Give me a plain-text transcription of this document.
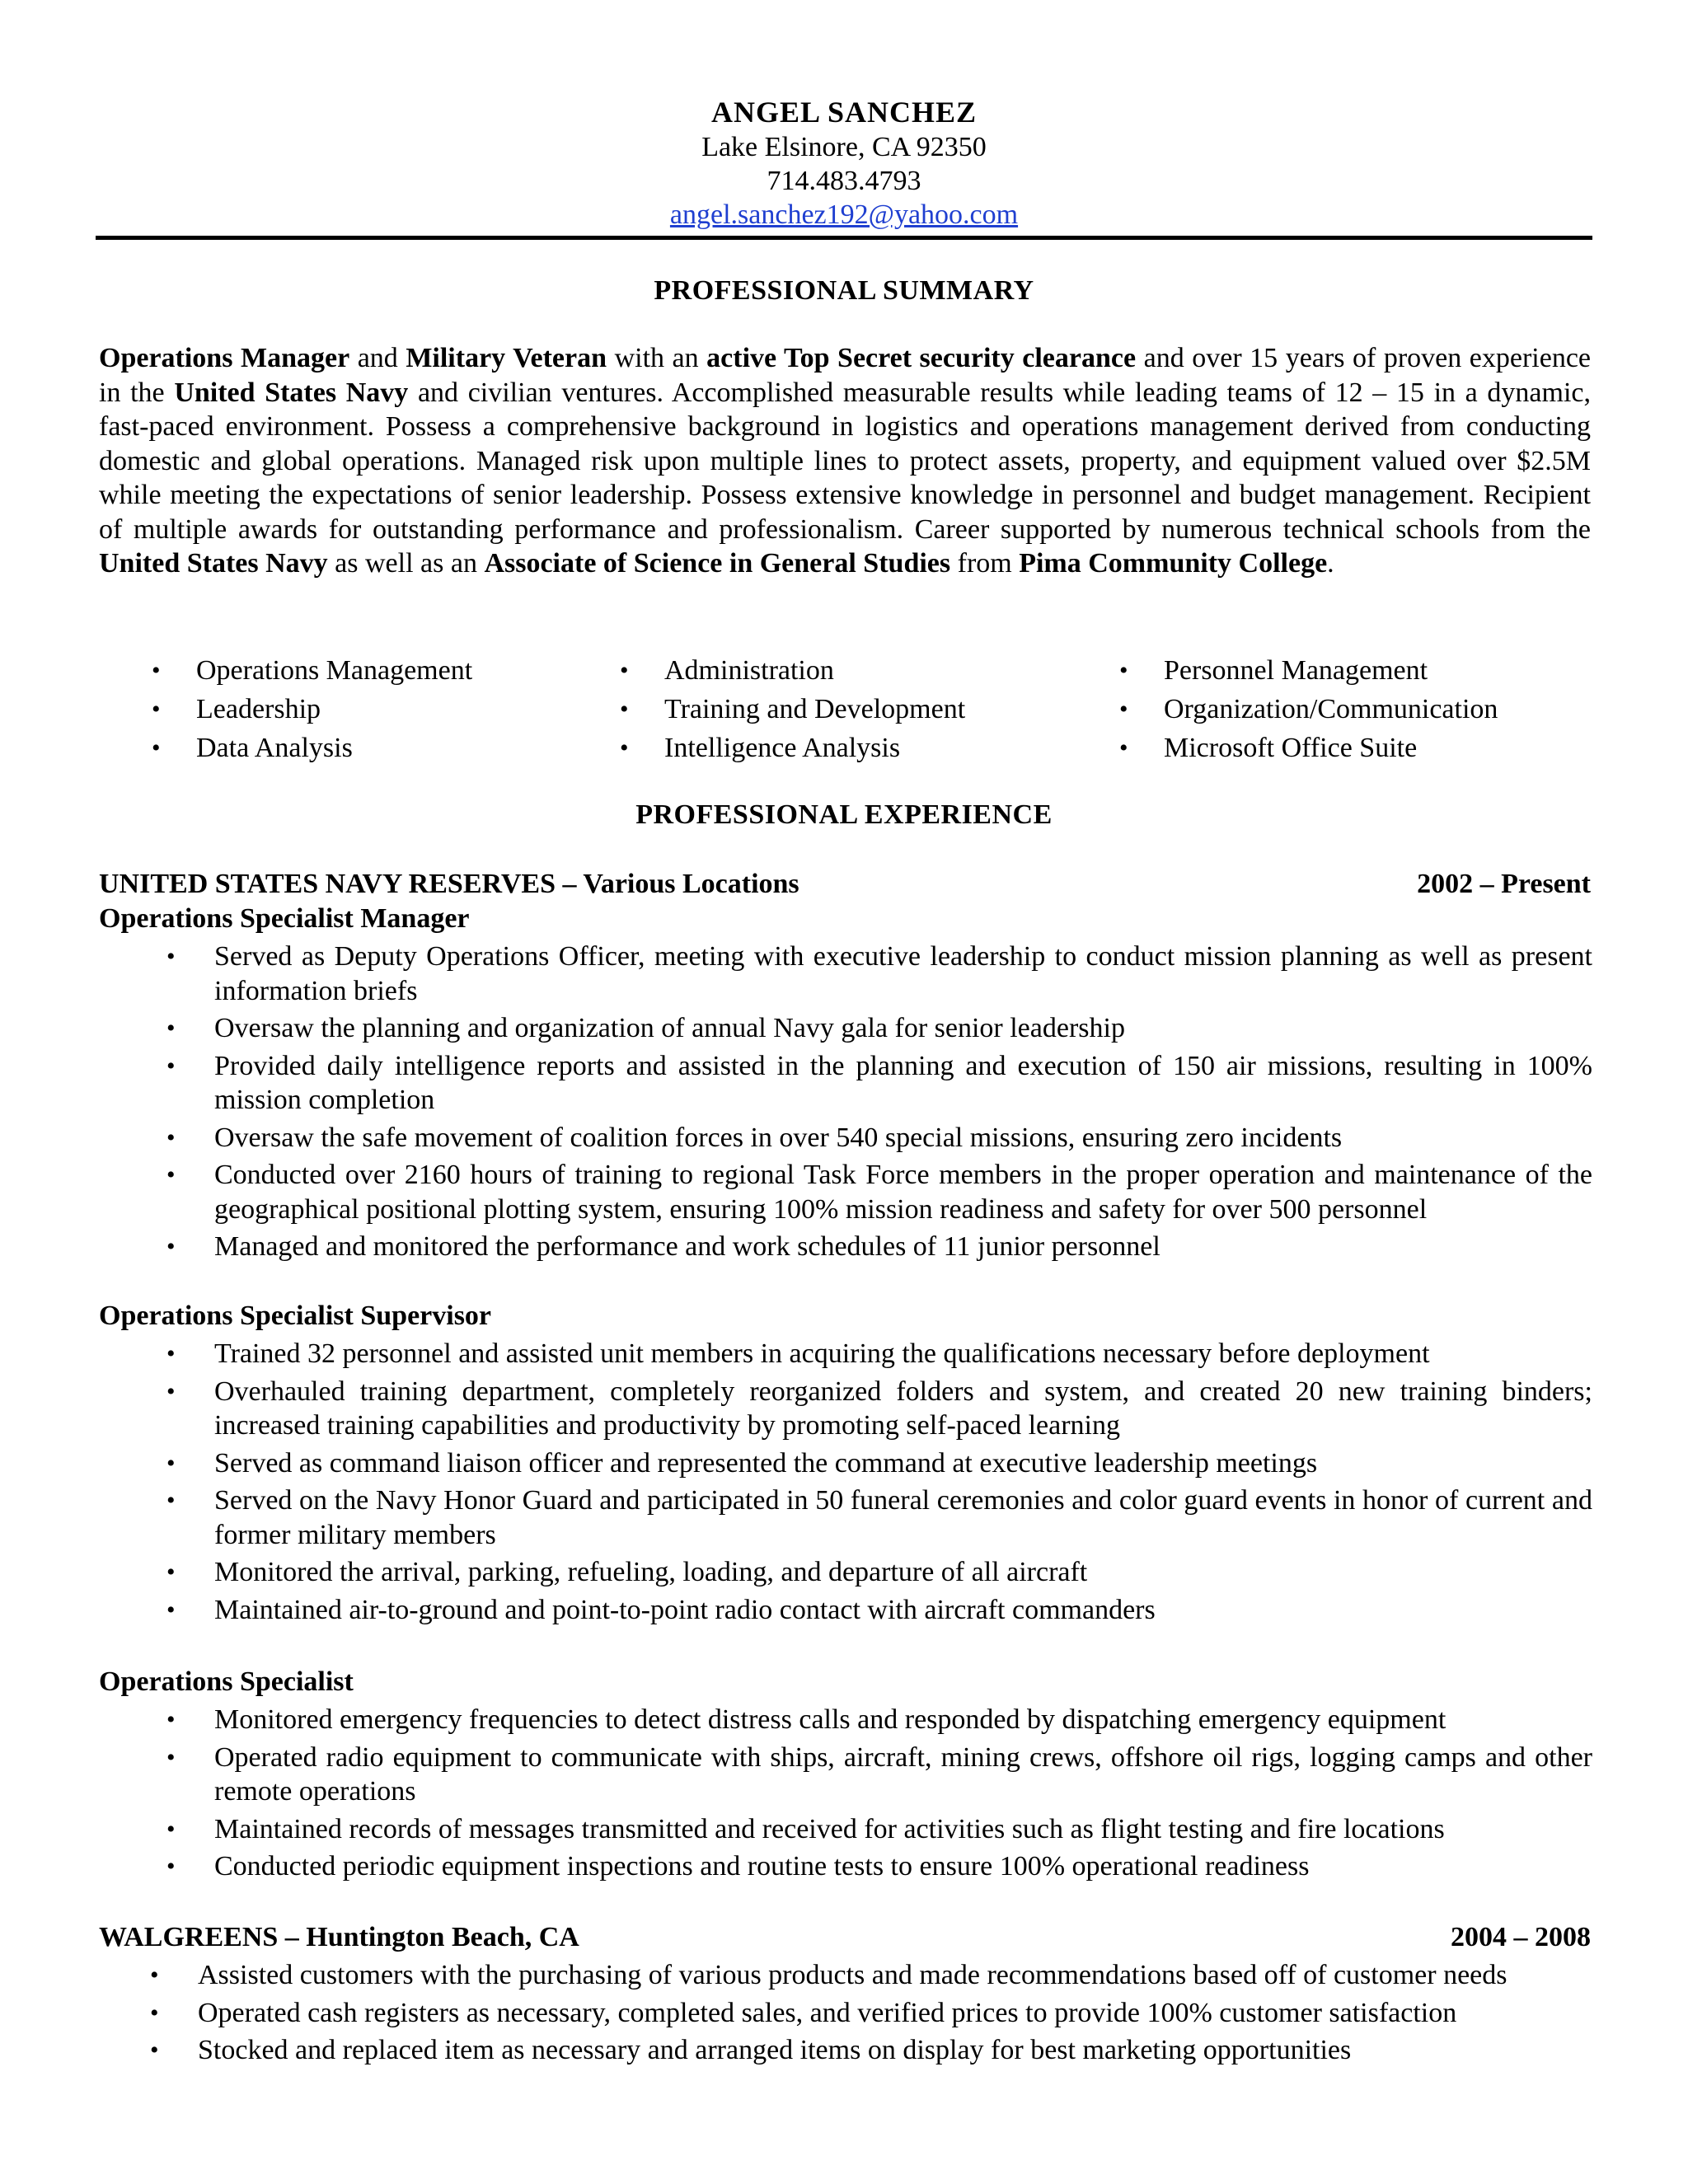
ANGEL SANCHEZ
Lake Elsinore, CA 92350
714.483.4793
angel.sanchez192@yahoo.com
PROFESSIONAL SUMMARY
Operations Manager and Military Veteran with an active Top Secret security clearance and over 15 years of proven experience in the United States Navy and civilian ventures. Accomplished measurable results while leading teams of 12 – 15 in a dynamic, fast-paced environment. Possess a comprehensive background in logistics and operations management derived from conducting domestic and global operations. Managed risk upon multiple lines to protect assets, property, and equipment valued over $2.5M while meeting the expectations of senior leadership. Possess extensive knowledge in personnel and budget management. Recipient of multiple awards for outstanding performance and professionalism. Career supported by numerous technical schools from the United States Navy as well as an Associate of Science in General Studies from Pima Community College.
• Operations Management
• Leadership
• Data Analysis
• Administration
• Training and Development
• Intelligence Analysis
• Personnel Management
• Organization/Communication
• Microsoft Office Suite
PROFESSIONAL EXPERIENCE
UNITED STATES NAVY RESERVES – Various Locations	2002 – Present
Operations Specialist Manager
• Served as Deputy Operations Officer, meeting with executive leadership to conduct mission planning as well as present information briefs
• Oversaw the planning and organization of annual Navy gala for senior leadership
• Provided daily intelligence reports and assisted in the planning and execution of 150 air missions, resulting in 100% mission completion
• Oversaw the safe movement of coalition forces in over 540 special missions, ensuring zero incidents
• Conducted over 2160 hours of training to regional Task Force members in the proper operation and maintenance of the geographical positional plotting system, ensuring 100% mission readiness and safety for over 500 personnel
• Managed and monitored the performance and work schedules of 11 junior personnel
Operations Specialist Supervisor
• Trained 32 personnel and assisted unit members in acquiring the qualifications necessary before deployment
• Overhauled training department, completely reorganized folders and system, and created 20 new training binders; increased training capabilities and productivity by promoting self-paced learning
• Served as command liaison officer and represented the command at executive leadership meetings
• Served on the Navy Honor Guard and participated in 50 funeral ceremonies and color guard events in honor of current and former military members
• Monitored the arrival, parking, refueling, loading, and departure of all aircraft
• Maintained air-to-ground and point-to-point radio contact with aircraft commanders
Operations Specialist
• Monitored emergency frequencies to detect distress calls and responded by dispatching emergency equipment
• Operated radio equipment to communicate with ships, aircraft, mining crews, offshore oil rigs, logging camps and other remote operations
• Maintained records of messages transmitted and received for activities such as flight testing and fire locations
• Conducted periodic equipment inspections and routine tests to ensure 100% operational readiness
WALGREENS – Huntington Beach, CA	2004 – 2008
• Assisted customers with the purchasing of various products and made recommendations based off of customer needs
• Operated cash registers as necessary, completed sales, and verified prices to provide 100% customer satisfaction
• Stocked and replaced item as necessary and arranged items on display for best marketing opportunities
